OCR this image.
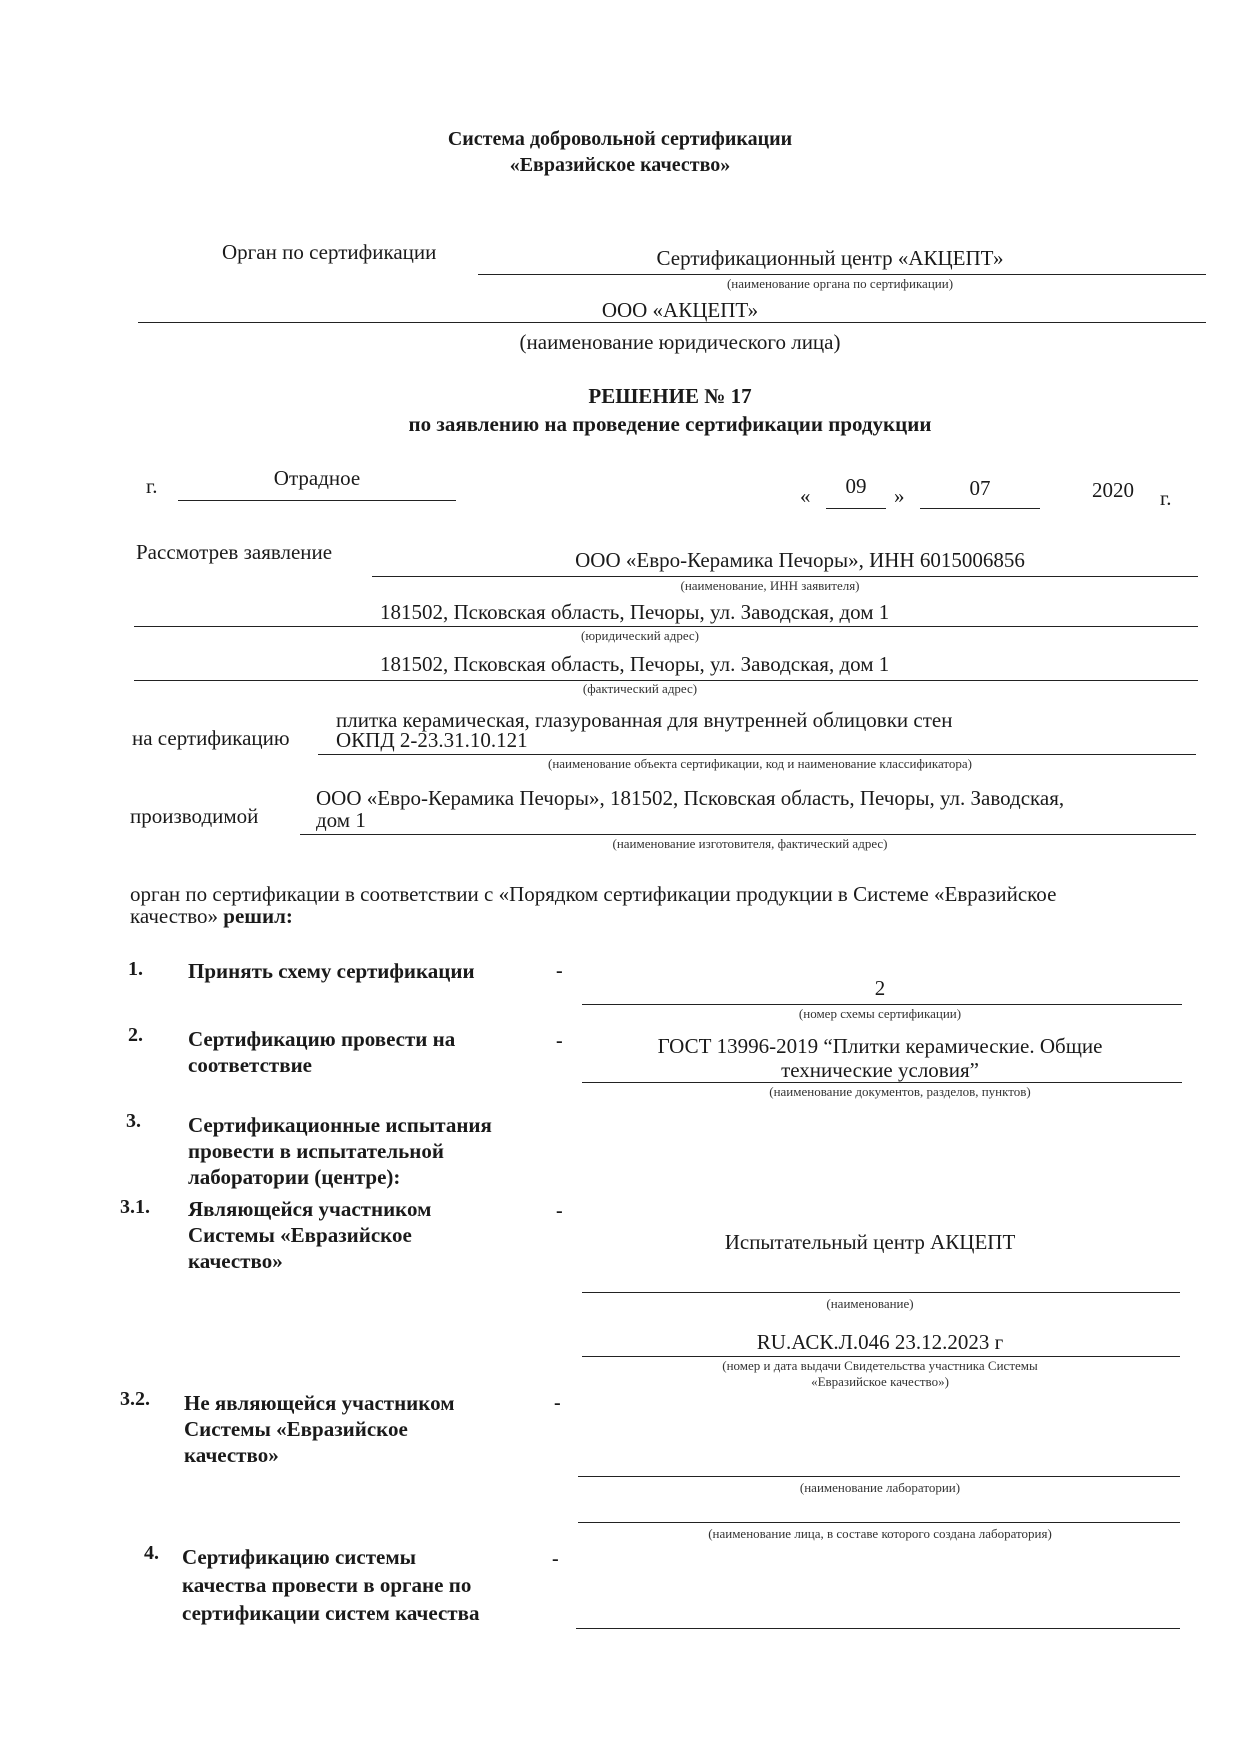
Система добровольной сертификации
«Евразийское качество»
Орган по сертификации	Сертификационный центр «АКЦЕПТ»
(наименование органа по сертификации)
ООО «АКЦЕПТ»
(наименование юридического лица)
РЕШЕНИЕ № 17
по заявлению на проведение сертификации продукции
г.	Отрадное
«	09	»	07	2020 г.
Рассмотрев заявление	ООО «Евро-Керамика Печоры», ИНН 6015006856
(наименование, ИНН заявителя)
181502, Псковская область, Печоры, ул. Заводская, дом 1
(юридический адрес)
181502, Псковская область, Печоры, ул. Заводская, дом 1
(фактический адрес)
плитка керамическая, глазурованная для внутренней облицовки стен
на сертификацию ОКПД 2-23.31.10.121
(наименование объекта сертификации, код и наименование классификатора)
ООО «Евро-Керамика Печоры», 181502, Псковская область, Печоры, ул. Заводская,
производимой	дом 1
(наименование изготовителя, фактический адрес)
орган по сертификации в соответствии с «Порядком сертификации продукции в Системе «Евразийское
качество» решил:
1. Принять схему сертификации	-
2
(номер схемы сертификации)
2. Сертификацию провести на
соответствие
-	ГОСТ 13996-2019 “Плитки керамические. Общие
технические условия”
(наименование документов, разделов, пунктов)
3. Сертификационные испытания
провести в испытательной
лаборатории (центре):
3.1. Являющейся участником
Системы «Евразийское
качество»
-
Испытательный центр АКЦЕПТ
(наименование)
RU.АСК.Л.046 23.12.2023 г
(номер и дата выдачи Свидетельства участника Системы
«Евразийское качество»)
3.2. Не являющейся участником
Системы «Евразийское
качество»
-
(наименование лаборатории)
(наименование лица, в составе которого создана лаборатория)
4. Сертификацию системы
качества провести в органе по
сертификации систем качества
-
